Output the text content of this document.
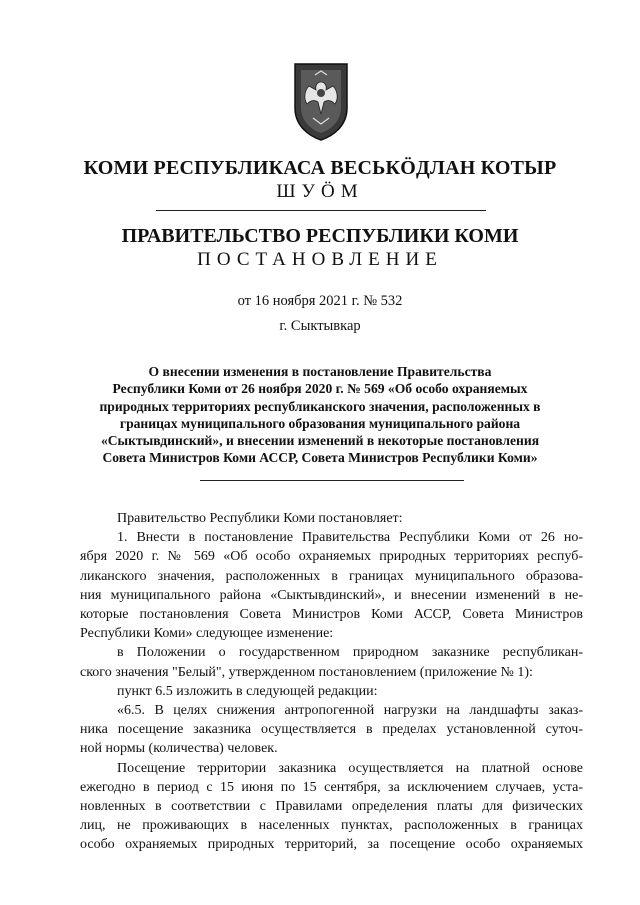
КОМИ РЕСПУБЛИКАСА ВЕСЬКӦДЛАН КОТЫР
ШУӦМ
ПРАВИТЕЛЬСТВО РЕСПУБЛИКИ КОМИ
ПОСТАНОВЛЕНИЕ
от 16 ноября 2021 г. № 532
г. Сыктывкар
О внесении изменения в постановление Правительства
Республики Коми от 26 ноября 2020 г. № 569 «Об особо охраняемых
природных территориях республиканского значения, расположенных в
границах муниципального образования муниципального района
«Сыктывдинский», и внесении изменений в некоторые постановления
Совета Министров Коми АССР, Совета Министров Республики Коми»
Правительство Республики Коми постановляет:
1. Внести в постановление Правительства Республики Коми от 26 но-
ября 2020 г. № 569 «Об особо охраняемых природных территориях респуб-
ликанского значения, расположенных в границах муниципального образова-
ния муниципального района «Сыктывдинский», и внесении изменений в не-
которые постановления Совета Министров Коми АССР, Совета Министров
Республики Коми» следующее изменение:
в Положении о государственном природном заказнике республикан-
ского значения "Белый", утвержденном постановлением (приложение № 1):
пункт 6.5 изложить в следующей редакции:
«6.5. В целях снижения антропогенной нагрузки на ландшафты заказ-
ника посещение заказника осуществляется в пределах установленной суточ-
ной нормы (количества) человек.
Посещение территории заказника осуществляется на платной основе
ежегодно в период с 15 июня по 15 сентября, за исключением случаев, уста-
новленных в соответствии с Правилами определения платы для физических
лиц, не проживающих в населенных пунктах, расположенных в границах
особо охраняемых природных территорий, за посещение особо охраняемых
